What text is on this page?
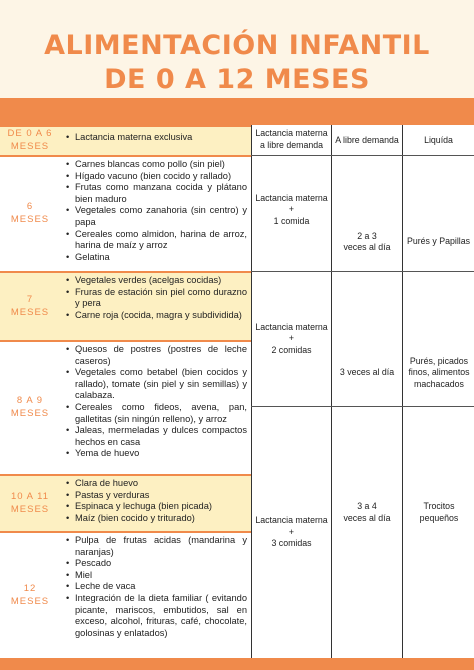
ALIMENTACIÓN INFANTIL
DE 0 A 12 MESES
DE 0 A 6
MESES
• Lactancia materna exclusiva
6
MESES
• Carnes blancas como pollo (sin piel)
• Hígado vacuno (bien cocido y rallado)
• Frutas como manzana cocida y plátano bien maduro
• Vegetales como zanahoria (sin centro) y papa
• Cereales como almidon, harina de arroz, harina de maíz y arroz
• Gelatina
7
MESES
• Vegetales verdes (acelgas cocidas)
• Fruras de estación sin piel como durazno y pera
• Carne roja (cocida, magra y subdividida)
8 A 9
MESES
• Quesos de postres (postres de leche caseros)
• Vegetales como betabel (bien cocidos y rallado), tomate (sin piel y sin semillas) y calabaza.
• Cereales como fideos, avena, pan, galletitas (sin ningún relleno), y arroz
• Jaleas, mermeladas y dulces compactos hechos en casa
• Yema de huevo
10 A 11
MESES
• Clara de huevo
• Pastas y verduras
• Espinaca y lechuga (bien picada)
• Maíz (bien cocido y triturado)
12
MESES
• Pulpa de frutas acidas (mandarina y naranjas)
• Pescado
• Miel
• Leche de vaca
• Integración de la dieta familiar ( evitando picante, mariscos, embutidos, sal en exceso, alcohol, frituras, café, chocolate, golosinas y enlatados)
Lactancia materna a libre demanda	A libre demanda	Liquída
Lactancia materna
+
1 comida
2 a 3
veces al día
Purés y Papillas
Lactancia materna
+
2 comidas
3 veces al día
Purés, picados finos, alimentos machacados
Lactancia materna
+
3 comidas
3 a 4
veces al día
Trocitos pequeños
